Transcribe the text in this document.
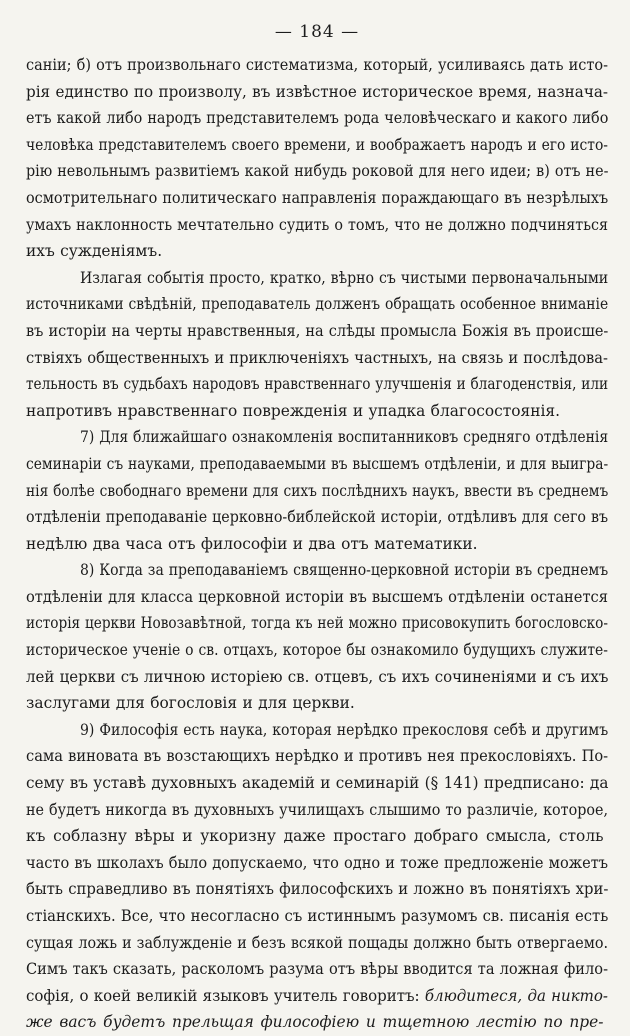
— 184 —
саніи; б) отъ произвольнаго систематизма, который, усиливаясь дать исто-
рія единство по произволу, въ извѣстное историческое время, назнача-
етъ какой либо народъ представителемъ рода человѣческаго и какого либо
человѣка представителемъ своего времени, и воображаетъ народъ и его исто-
рію невольнымъ развитіемъ какой нибудь роковой для него идеи; в) отъ не-
осмотрительнаго политическаго направленія пораждающаго въ незрѣлыхъ
умахъ наклонность мечтательно судить о томъ, что не должно подчиняться
ихъ сужденіямъ.
Излагая событія просто, кратко, вѣрно съ чистыми первоначальными
источниками свѣдѣній, преподаватель долженъ обращать особенное вниманіе
въ исторіи на черты нравственныя, на слѣды промысла Божія въ происше-
ствіяхъ общественныхъ и приключеніяхъ частныхъ, на связь и послѣдова-
тельность въ судьбахъ народовъ нравственнаго улучшенія и благоденствія, или
напротивъ нравственнаго поврежденія и упадка благосостоянія.
7) Для ближайшаго ознакомленія воспитанниковъ средняго отдѣленія
семинаріи съ науками, преподаваемыми въ высшемъ отдѣленіи, и для выигра-
нія болѣе свободнаго времени для сихъ послѣднихъ наукъ, ввести въ среднемъ
отдѣленіи преподаваніе церковно-библейской исторіи, отдѣливъ для сего въ
недѣлю два часа отъ философіи и два отъ математики.
8) Когда за преподаваніемъ священно-церковной исторіи въ среднемъ
отдѣленіи для класса церковной исторіи въ высшемъ отдѣленіи останется
исторія церкви Новозавѣтной, тогда къ ней можно присовокупить богословско-
историческое ученіе о св. отцахъ, которое бы ознакомило будущихъ служите-
лей церкви съ личною исторіею св. отцевъ, съ ихъ сочиненіями и съ ихъ
заслугами для богословія и для церкви.
9) Философія есть наука, которая нерѣдко прекословя себѣ и другимъ
сама виновата въ возстающихъ нерѣдко и противъ нея прекословіяхъ. По-
сему въ уставѣ духовныхъ академій и семинарій (§ 141) предписано: да
не будетъ никогда въ духовныхъ училищахъ слышимо то различіе, которое,
къ соблазну вѣры и укоризну даже простаго добраго смысла, столь
часто въ школахъ было допускаемо, что одно и тоже предложеніе можетъ
быть справедливо въ понятіяхъ философскихъ и ложно въ понятіяхъ хри-
стіанскихъ. Все, что несогласно съ истиннымъ разумомъ св. писанія есть
сущая ложь и заблужденіе и безъ всякой пощады должно быть отвергаемо.
Симъ такъ сказать, расколомъ разума отъ вѣры вводится та ложная фило-
софія, о коей великій языковъ учитель говоритъ: блюдитеся, да никто-
же васъ будетъ прельщая философіею и тщетною лестію по пре-
